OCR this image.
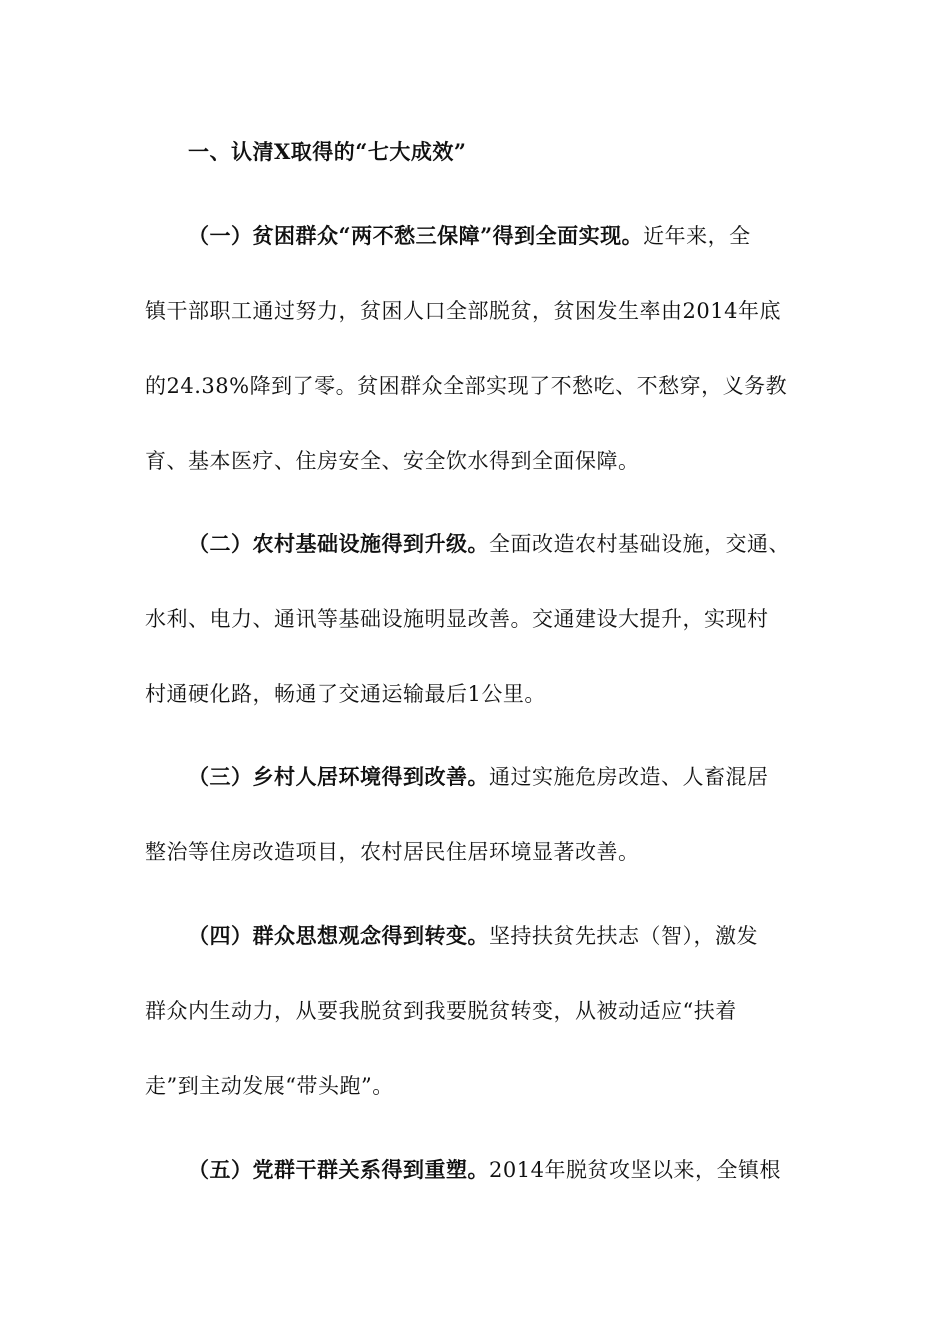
一、认清X取得的“七大成效”
（一）贫困群众“两不愁三保障”得到全面实现。近年来，全
镇干部职工通过努力，贫困人口全部脱贫，贫困发生率由2014年底
的24.38%降到了零。贫困群众全部实现了不愁吃、不愁穿，义务教
育、基本医疗、住房安全、安全饮水得到全面保障。
（二）农村基础设施得到升级。全面改造农村基础设施，交通、
水利、电力、通讯等基础设施明显改善。交通建设大提升，实现村
村通硬化路，畅通了交通运输最后1公里。
（三）乡村人居环境得到改善。通过实施危房改造、人畜混居
整治等住房改造项目，农村居民住居环境显著改善。
（四）群众思想观念得到转变。坚持扶贫先扶志（智），激发
群众内生动力，从要我脱贫到我要脱贫转变，从被动适应“扶着
走”到主动发展“带头跑”。
（五）党群干群关系得到重塑。2014年脱贫攻坚以来，全镇根
